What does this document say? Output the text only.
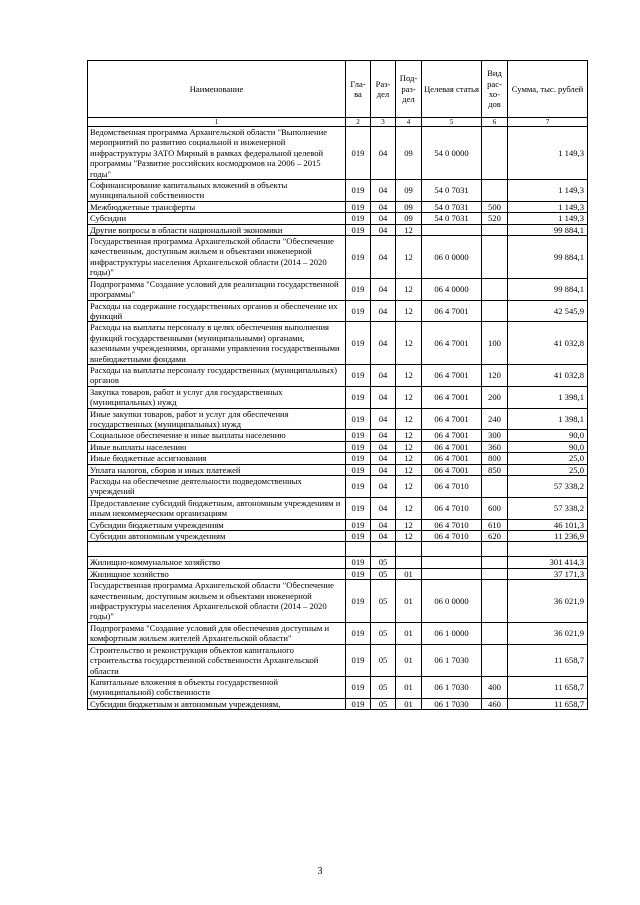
Наименование	Гла-ва	Раз-дел	Под-раз-дел	Целевая статья	Вид рас-хо-дов	Сумма, тыс. рублей
1	2	3	4	5	6	7
Ведомственная программа Архангельской области "Выполнение мероприятий по развитию социальной и инженерной инфраструктуры ЗАТО Мирный в рамках федеральной целевой программы "Развитие российских космодромов на 2006 – 2015 годы"	019	04	09	54 0 0000		1 149,3
Софинансирование капитальных вложений в объекты муниципальной собственности	019	04	09	54 0 7031		1 149,3
Межбюджетные трансферты	019	04	09	54 0 7031	500	1 149,3
Субсидии	019	04	09	54 0 7031	520	1 149,3
Другие вопросы в области национальной экономики	019	04	12			99 884,1
Государственная программа Архангельской области "Обеспечение качественным, доступным жильем и объектами инженерной инфраструктуры населения Архангельской области (2014 – 2020 годы)"	019	04	12	06 0 0000		99 884,1
Подпрограмма "Создание условий для реализации государственной программы"	019	04	12	06 4 0000		99 884,1
Расходы на содержание государственных органов и обеспечение их функций	019	04	12	06 4 7001		42 545,9
Расходы на выплаты персоналу в целях обеспечения выполнения функций государственными (муниципальными) органами, казенными учреждениями, органами управления государственными внебюджетными фондами	019	04	12	06 4 7001	100	41 032,8
Расходы на выплаты персоналу государственных (муниципальных) органов	019	04	12	06 4 7001	120	41 032,8
Закупка товаров, работ и услуг для государственных (муниципальных) нужд	019	04	12	06 4 7001	200	1 398,1
Иные закупки товаров, работ и услуг для обеспечения государственных (муниципальных) нужд	019	04	12	06 4 7001	240	1 398,1
Социальное обеспечение и иные выплаты населению	019	04	12	06 4 7001	300	90,0
Иные выплаты населению	019	04	12	06 4 7001	360	90,0
Иные бюджетные ассигнования	019	04	12	06 4 7001	800	25,0
Уплата налогов, сборов и иных платежей	019	04	12	06 4 7001	850	25,0
Расходы на обеспечение деятельности подведомственных учреждений	019	04	12	06 4 7010		57 338,2
Предоставление субсидий бюджетным, автономным учреждениям и иным некоммерческим организациям	019	04	12	06 4 7010	600	57 338,2
Субсидии бюджетным учреждениям	019	04	12	06 4 7010	610	46 101,3
Субсидии автономным учреждениям	019	04	12	06 4 7010	620	11 236,9

Жилищно-коммунальное хозяйство	019	05				301 414,3
Жилищное хозяйство	019	05	01			37 171,3
Государственная программа Архангельской области "Обеспечение качественным, доступным жильем и объектами инженерной инфраструктуры населения Архангельской области (2014 – 2020 годы)"	019	05	01	06 0 0000		36 021,9
Подпрограмма "Создание условий для обеспечения доступным и комфортным жильем жителей Архангельской области"	019	05	01	06 1 0000		36 021,9
Строительство и реконструкция объектов капитального строительства государственной собственности Архангельской области	019	05	01	06 1 7030		11 658,7
Капитальные вложения в объекты государственной (муниципальной) собственности	019	05	01	06 1 7030	400	11 658,7
Субсидии бюджетным и автономным учреждениям,	019	05	01	06 1 7030	460	11 658,7
3
